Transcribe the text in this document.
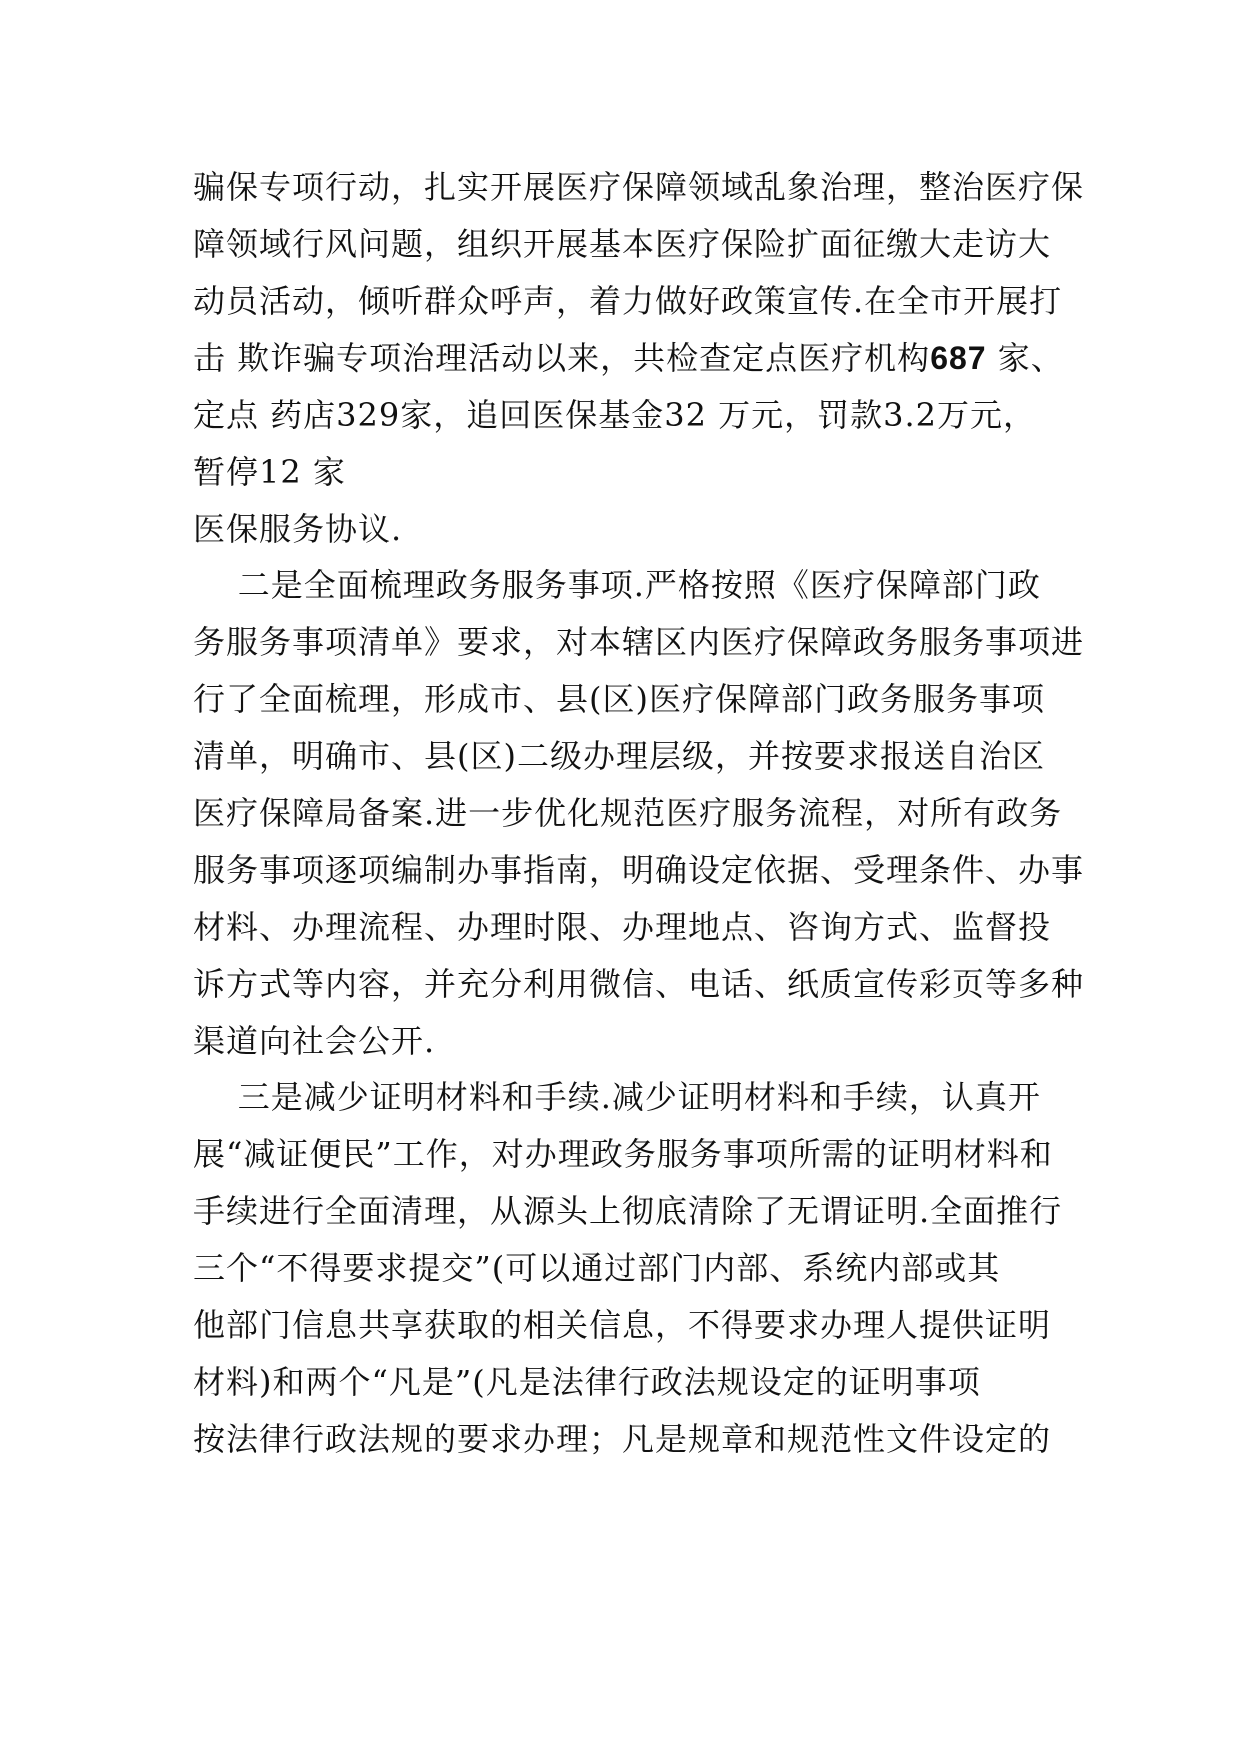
骗保专项行动，扎实开展医疗保障领域乱象治理，整治医疗保
障领域行风问题，组织开展基本医疗保险扩面征缴大走访大
动员活动，倾听群众呼声，着力做好政策宣传.在全市开展打
击 欺诈骗专项治理活动以来，共检查定点医疗机构687 家、
定点 药店329家，追回医保基金32 万元，罚款3.2万元，
暂停12 家
医保服务协议.
二是全面梳理政务服务事项.严格按照《医疗保障部门政
务服务事项清单》要求，对本辖区内医疗保障政务服务事项进
行了全面梳理，形成市、县(区)医疗保障部门政务服务事项
清单，明确市、县(区)二级办理层级，并按要求报送自治区
医疗保障局备案.进一步优化规范医疗服务流程，对所有政务
服务事项逐项编制办事指南，明确设定依据、受理条件、办事
材料、办理流程、办理时限、办理地点、咨询方式、监督投
诉方式等内容，并充分利用微信、电话、纸质宣传彩页等多种
渠道向社会公开.
三是减少证明材料和手续.减少证明材料和手续，认真开
展“减证便民”工作，对办理政务服务事项所需的证明材料和
手续进行全面清理，从源头上彻底清除了无谓证明.全面推行
三个“不得要求提交”(可以通过部门内部、系统内部或其
他部门信息共享获取的相关信息，不得要求办理人提供证明
材料)和两个“凡是”(凡是法律行政法规设定的证明事项
按法律行政法规的要求办理；凡是规章和规范性文件设定的
